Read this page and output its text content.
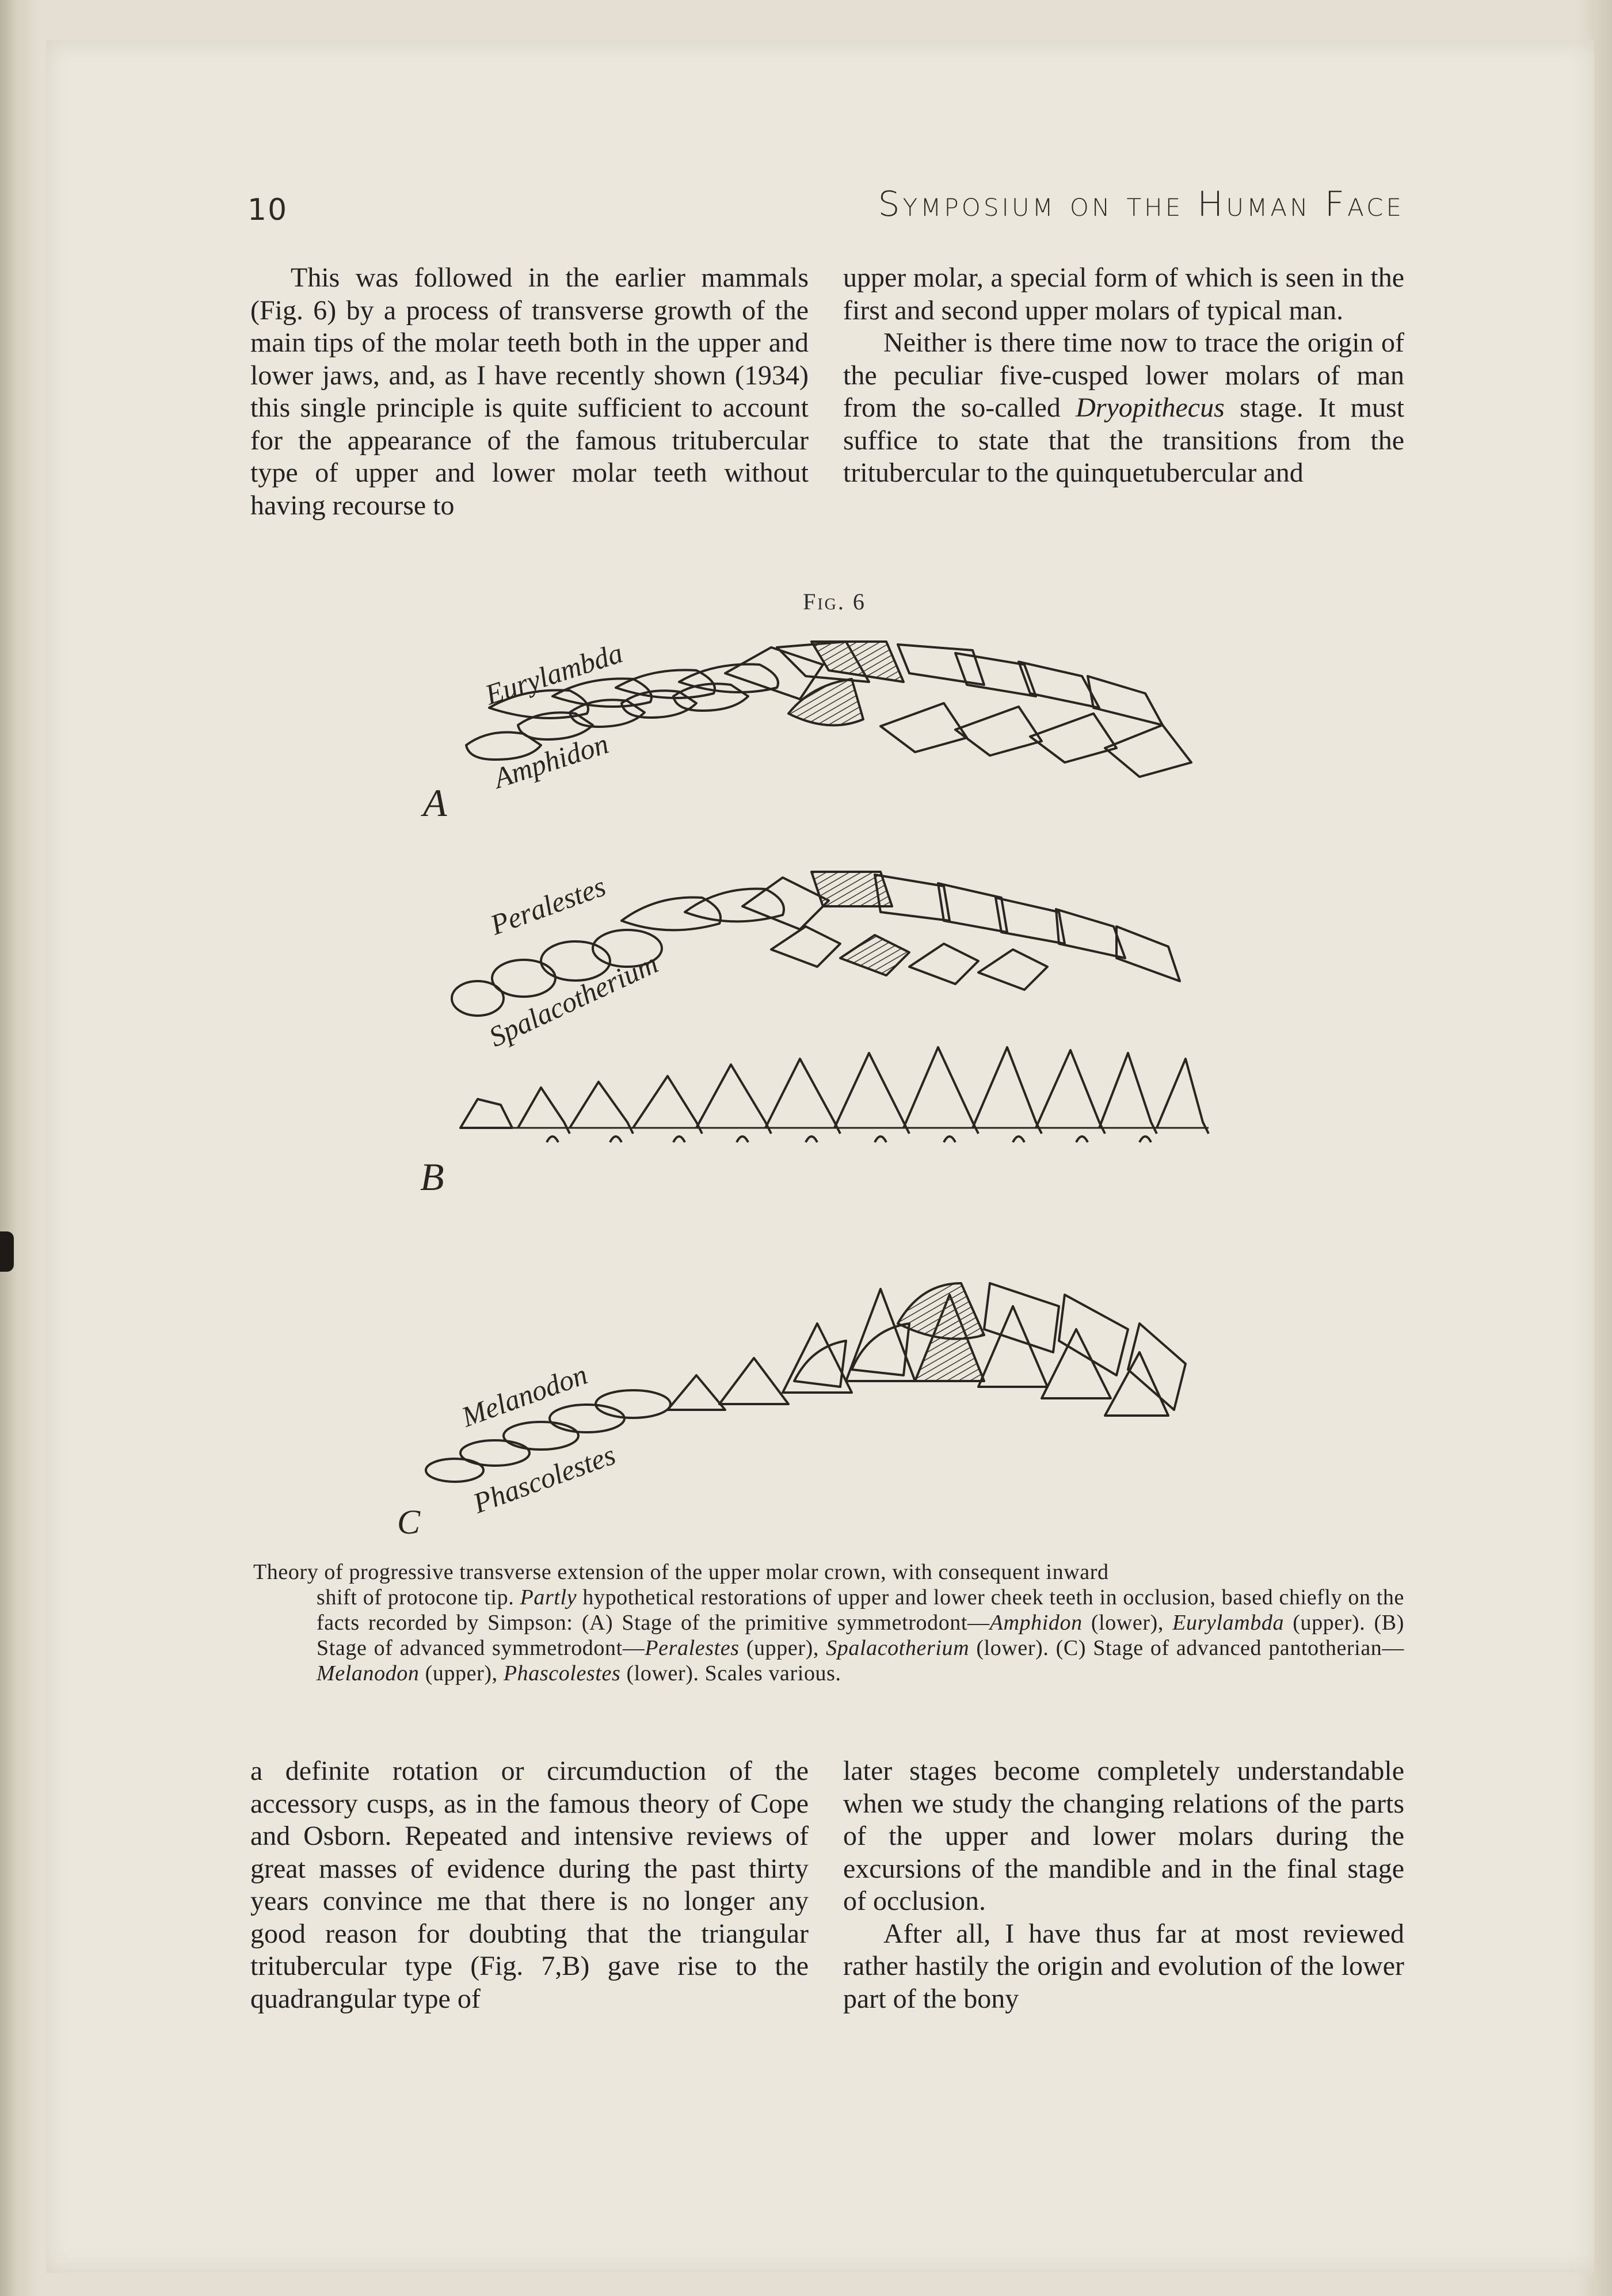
10	Symposium on the Human Face

This was followed in the earlier mammals (Fig. 6) by a process of transverse growth of the main tips of the molar teeth both in the upper and lower jaws, and, as I have recently shown (1934) this single principle is quite sufficient to account for the appearance of the famous tritubercular type of upper and lower molar teeth without having recourse to

upper molar, a special form of which is seen in the first and second upper molars of typical man.

Neither is there time now to trace the origin of the peculiar five-cusped lower molars of man from the so-called Dryopithecus stage. It must suffice to state that the transitions from the tritubercular to the quinquetubercular and

Fig. 6
Eurylambda
Amphidon
Peralestes
Spalacotherium
Melanodon
Phascolestes
A
B
C
Theory of progressive transverse extension of the upper molar crown, with consequent inward
shift of protocone tip. Partly hypothetical restorations of upper and lower cheek teeth in occlusion, based chiefly on the facts recorded by Simpson: (A) Stage of the primitive symmetrodont—Amphidon (lower), Eurylambda (upper). (B) Stage of advanced symmetrodont—Peralestes (upper), Spalacotherium (lower). (C) Stage of advanced pantotherian—Melanodon (upper), Phascolestes (lower). Scales various.

a definite rotation or circumduction of the accessory cusps, as in the famous theory of Cope and Osborn. Repeated and intensive reviews of great masses of evidence during the past thirty years convince me that there is no longer any good reason for doubting that the triangular tritubercular type (Fig. 7,B) gave rise to the quadrangular type of

later stages become completely understandable when we study the changing relations of the parts of the upper and lower molars during the excursions of the mandible and in the final stage of occlusion.

After all, I have thus far at most reviewed rather hastily the origin and evolution of the lower part of the bony
